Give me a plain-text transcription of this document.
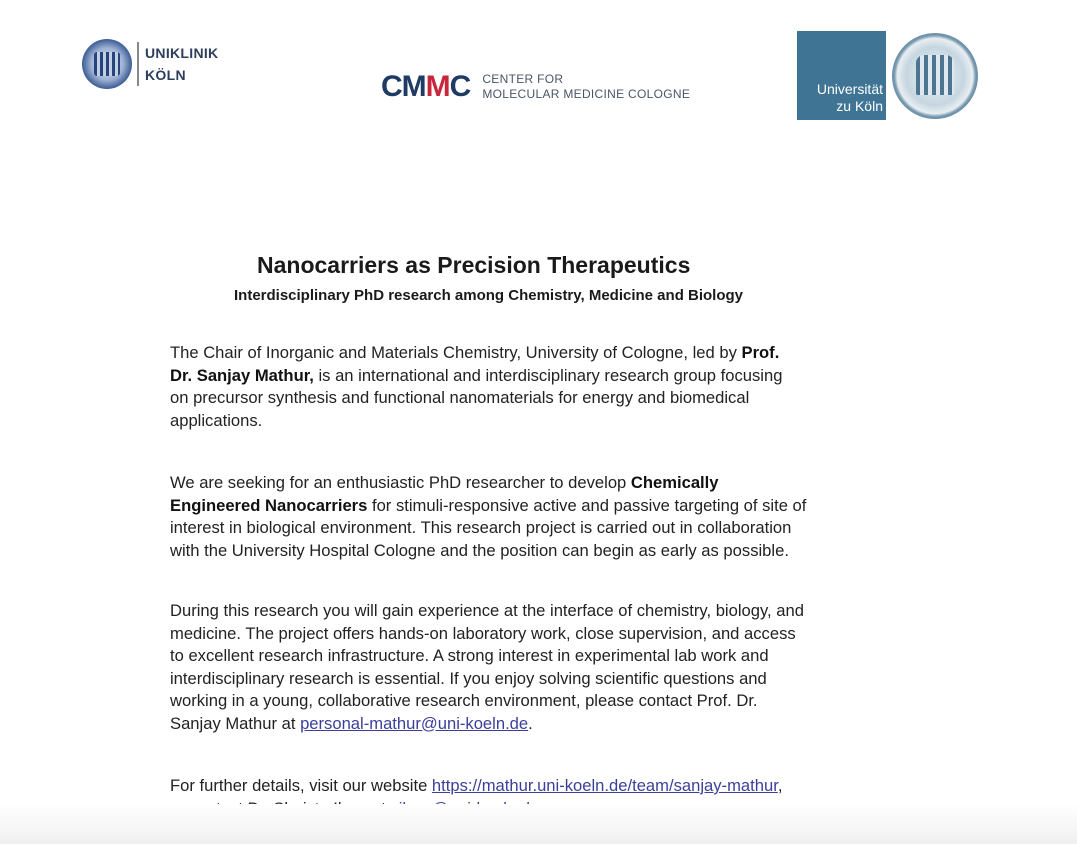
UNIKLINIK
KÖLN	CMMC CENTER FOR
MOLECULAR MEDICINE COLOGNE	Universität
zu Köln
Nanocarriers as Precision Therapeutics
Interdisciplinary PhD research among Chemistry, Medicine and Biology
The Chair of Inorganic and Materials Chemistry, University of Cologne, led by Prof.
Dr. Sanjay Mathur, is an international and interdisciplinary research group focusing
on precursor synthesis and functional nanomaterials for energy and biomedical
applications.
We are seeking for an enthusiastic PhD researcher to develop Chemically
Engineered Nanocarriers for stimuli-responsive active and passive targeting of site of
interest in biological environment. This research project is carried out in collaboration
with the University Hospital Cologne and the position can begin as early as possible.
During this research you will gain experience at the interface of chemistry, biology, and
medicine. The project offers hands-on laboratory work, close supervision, and access
to excellent research infrastructure. A strong interest in experimental lab work and
interdisciplinary research is essential. If you enjoy solving scientific questions and
working in a young, collaborative research environment, please contact Prof. Dr.
Sanjay Mathur at personal-mathur@uni-koeln.de.
For further details, visit our website https://mathur.uni-koeln.de/team/sanjay-mathur,
